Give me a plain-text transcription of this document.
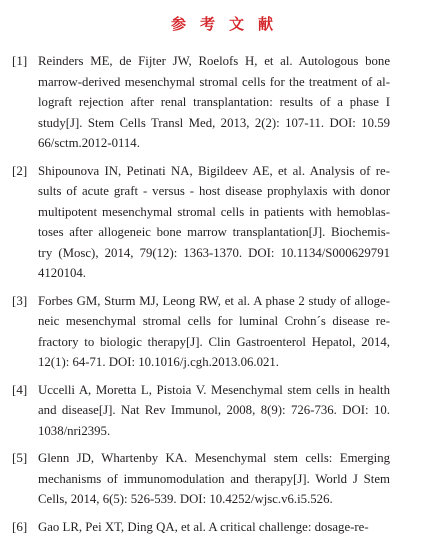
参考文献
[1] Reinders ME, de Fijter JW, Roelofs H, et al. Autologous bone
marrow-derived mesenchymal stromal cells for the treatment of al-
lograft rejection after renal transplantation: results of a phase I
study[J]. Stem Cells Transl Med, 2013, 2(2): 107-11. DOI: 10.59
66/sctm.2012-0114.
[2] Shipounova IN, Petinati NA, Bigildeev AE, et al. Analysis of re-
sults of acute graft - versus - host disease prophylaxis with donor
multipotent mesenchymal stromal cells in patients with hemoblas-
toses after allogeneic bone marrow transplantation[J]. Biochemis-
try (Mosc), 2014, 79(12): 1363-1370. DOI: 10.1134/S000629791
4120104.
[3] Forbes GM, Sturm MJ, Leong RW, et al. A phase 2 study of alloge-
neic mesenchymal stromal cells for luminal Crohn´s disease re-
fractory to biologic therapy[J]. Clin Gastroenterol Hepatol, 2014,
12(1): 64-71. DOI: 10.1016/j.cgh.2013.06.021.
[4] Uccelli A, Moretta L, Pistoia V. Mesenchymal stem cells in health
and disease[J]. Nat Rev Immunol, 2008, 8(9): 726-736. DOI: 10.
1038/nri2395.
[5] Glenn JD, Whartenby KA. Mesenchymal stem cells: Emerging
mechanisms of immunomodulation and therapy[J]. World J Stem
Cells, 2014, 6(5): 526-539. DOI: 10.4252/wjsc.v6.i5.526.
[6] Gao LR, Pei XT, Ding QA, et al. A critical challenge: dosage-re-
